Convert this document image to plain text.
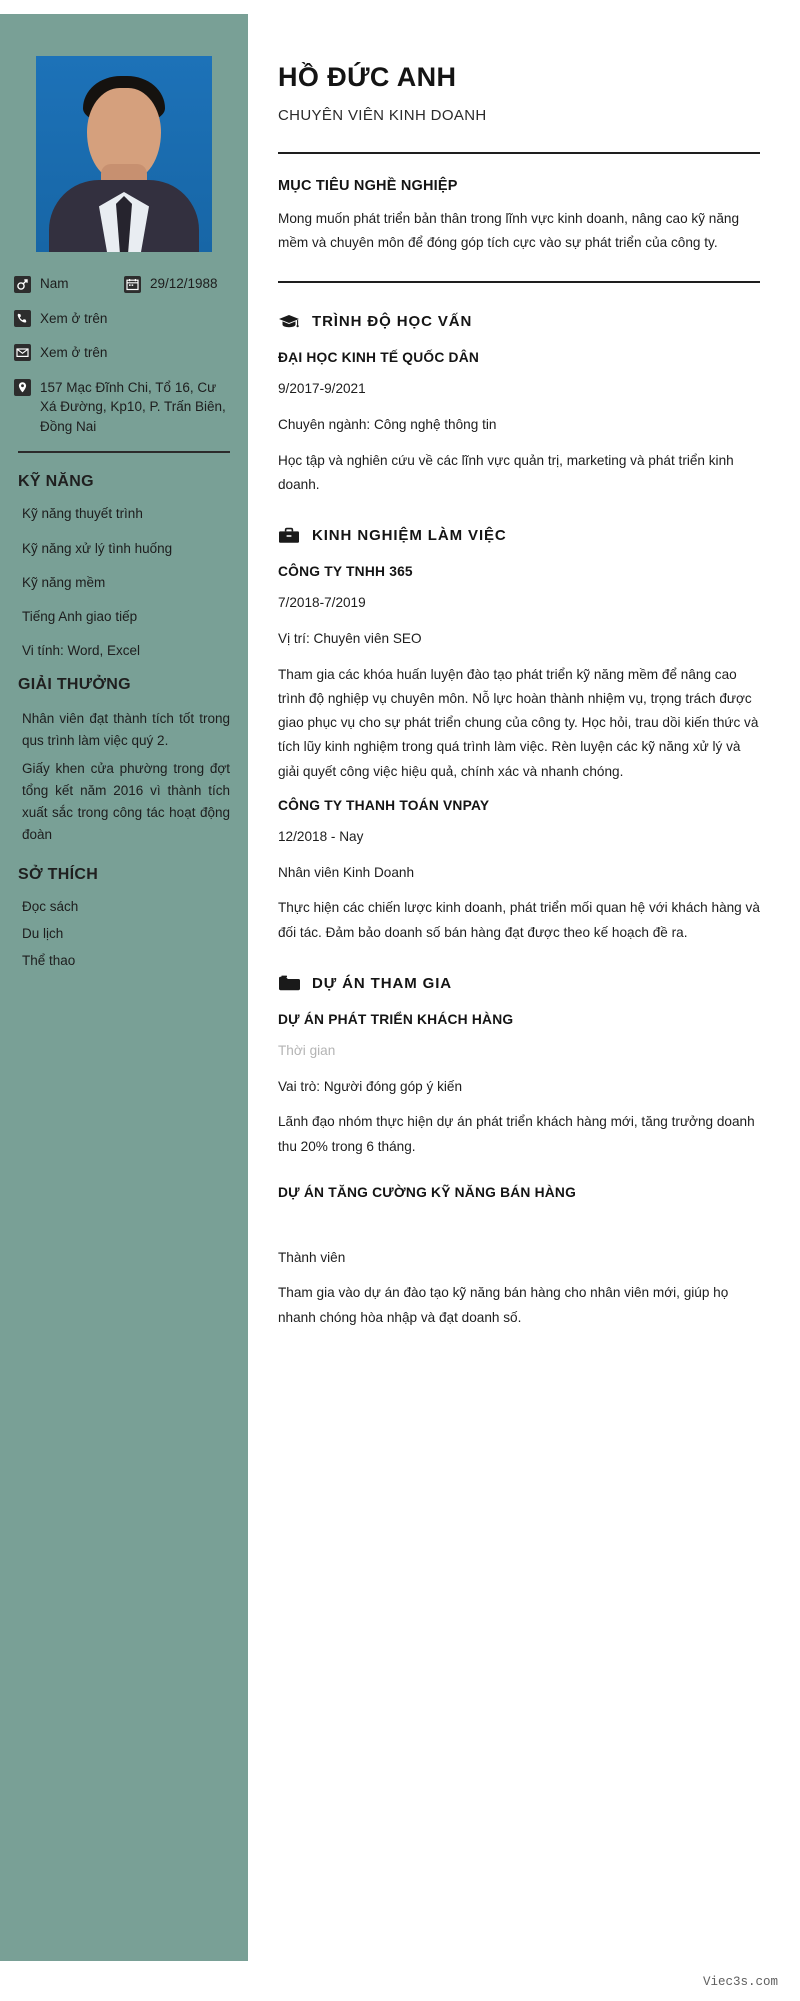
Nam	29/12/1988
Xem ở trên
Xem ở trên
157 Mạc Đĩnh Chi, Tổ 16, Cư Xá Đường, Kp10, P. Trấn Biên, Đồng Nai
KỸ NĂNG
Kỹ năng thuyết trình
Kỹ năng xử lý tình huống
Kỹ năng mềm
Tiếng Anh giao tiếp
Vi tính: Word, Excel
GIẢI THƯỞNG
Nhân viên đạt thành tích tốt trong qus trình làm việc quý 2.
Giấy khen cửa phường trong đợt tổng kết năm 2016 vì thành tích xuất sắc trong công tác hoạt động đoàn
SỞ THÍCH
Đọc sách
Du lịch
Thể thao
HỒ ĐỨC ANH
CHUYÊN VIÊN KINH DOANH
MỤC TIÊU NGHỀ NGHIỆP

Mong muốn phát triển bản thân trong lĩnh vực kinh doanh, nâng cao kỹ năng mềm và chuyên môn để đóng góp tích cực vào sự phát triển của công ty.

TRÌNH ĐỘ HỌC VẤN
ĐẠI HỌC KINH TẾ QUỐC DÂN
9/2017-9/2021
Chuyên ngành: Công nghệ thông tin
Học tập và nghiên cứu về các lĩnh vực quản trị, marketing và phát triển kinh doanh.
KINH NGHIỆM LÀM VIỆC
CÔNG TY TNHH 365
7/2018-7/2019
Vị trí: Chuyên viên SEO
Tham gia các khóa huấn luyện đào tạo phát triển kỹ năng mềm để nâng cao trình độ nghiệp vụ chuyên môn. Nỗ lực hoàn thành nhiệm vụ, trọng trách được giao phục vụ cho sự phát triển chung của công ty. Học hỏi, trau dồi kiến thức và tích lũy kinh nghiệm trong quá trình làm việc. Rèn luyện các kỹ năng xử lý và giải quyết công việc hiệu quả, chính xác và nhanh chóng.
CÔNG TY THANH TOÁN VNPAY
12/2018 - Nay
Nhân viên Kinh Doanh
Thực hiện các chiến lược kinh doanh, phát triển mối quan hệ với khách hàng và đối tác. Đảm bảo doanh số bán hàng đạt được theo kế hoạch đề ra.
DỰ ÁN THAM GIA
DỰ ÁN PHÁT TRIỂN KHÁCH HÀNG
Thời gian
Vai trò: Người đóng góp ý kiến
Lãnh đạo nhóm thực hiện dự án phát triển khách hàng mới, tăng trưởng doanh thu 20% trong 6 tháng.
DỰ ÁN TĂNG CƯỜNG KỸ NĂNG BÁN HÀNG
Thành viên
Tham gia vào dự án đào tạo kỹ năng bán hàng cho nhân viên mới, giúp họ nhanh chóng hòa nhập và đạt doanh số.
Viec3s.com
